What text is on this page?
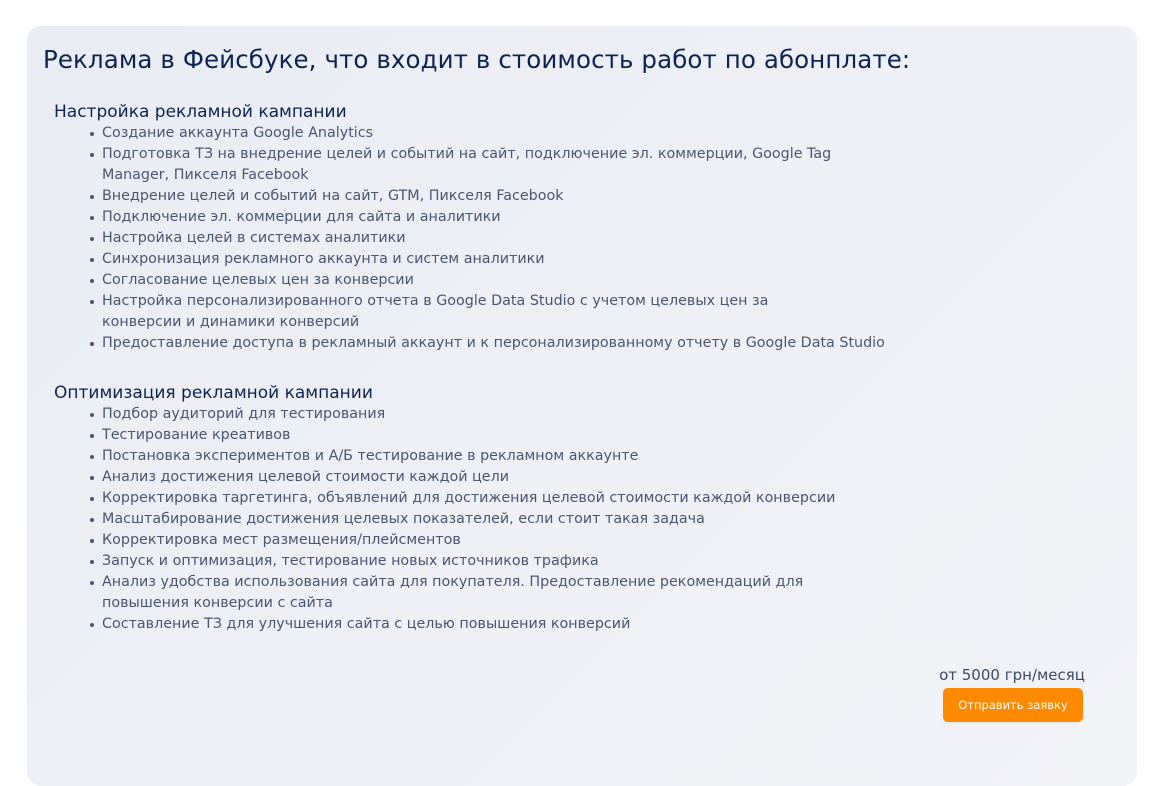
Реклама в Фейсбуке, что входит в стоимость работ по абонплате:
Настройка рекламной кампании
Создание аккаунта Google Analytics
Подготовка ТЗ на внедрение целей и событий на сайт, подключение эл. коммерции, Google Tag Manager, Пикселя Facebook
Внедрение целей и событий на сайт, GTM, Пикселя Facebook
Подключение эл. коммерции для сайта и аналитики
Настройка целей в системах аналитики
Синхронизация рекламного аккаунта и систем аналитики
Согласование целевых цен за конверсии
Настройка персонализированного отчета в Google Data Studio с учетом целевых цен за конверсии и динамики конверсий
Предоставление доступа в рекламный аккаунт и к персонализированному отчету в Google Data Studio
Оптимизация рекламной кампании
Подбор аудиторий для тестирования
Тестирование креативов
Постановка экспериментов и А/Б тестирование в рекламном аккаунте
Анализ достижения целевой стоимости каждой цели
Корректировка таргетинга, объявлений для достижения целевой стоимости каждой конверсии
Масштабирование достижения целевых показателей, если стоит такая задача
Корректировка мест размещения/плейсментов
Запуск и оптимизация, тестирование новых источников трафика
Анализ удобства использования сайта для покупателя. Предоставление рекомендаций для повышения конверсии с сайта
Составление ТЗ для улучшения сайта с целью повышения конверсий
от 5000 грн/месяц
Отправить заявку
